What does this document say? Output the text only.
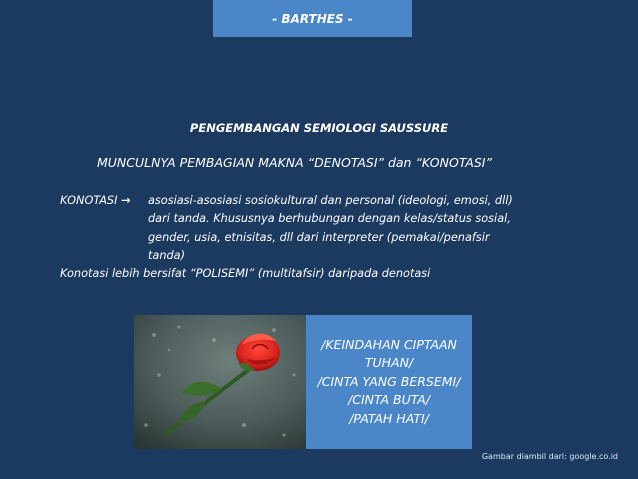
- BARTHES -
PENGEMBANGAN SEMIOLOGI SAUSSURE
MUNCULNYA PEMBAGIAN MAKNA “DENOTASI” dan “KONOTASI”
KONOTASI →	asosiasi-asosiasi sosiokultural dan personal (ideologi, emosi, dll)
dari tanda. Khususnya berhubungan dengan kelas/status sosial,
gender, usia, etnisitas, dll dari interpreter (pemakai/penafsir
tanda)
Konotasi lebih bersifat “POLISEMI” (multitafsir) daripada denotasi
/KEINDAHAN CIPTAAN
TUHAN/
/CINTA YANG BERSEMI/
/CINTA BUTA/
/PATAH HATI/
Gambar diambil dari: google.co.id
